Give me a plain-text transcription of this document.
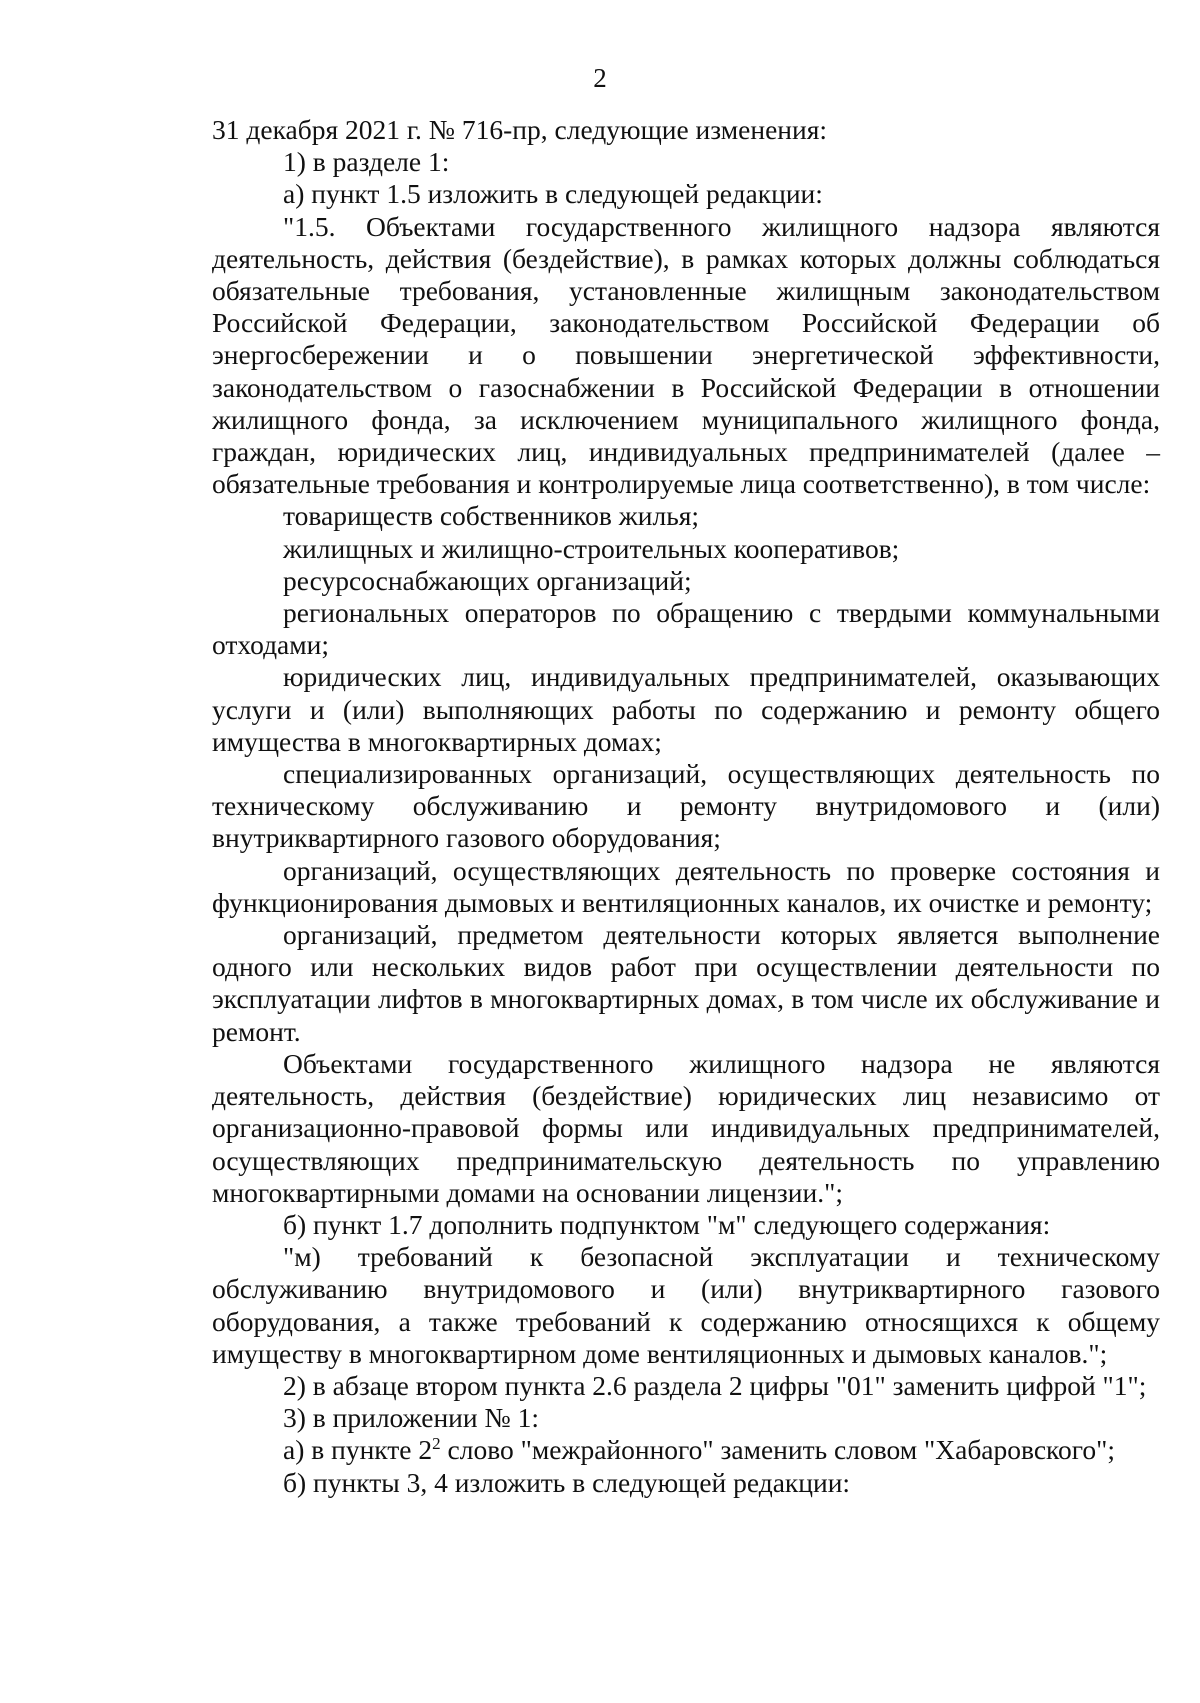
2

31 декабря 2021 г. № 716-пр, следующие изменения:

1) в разделе 1:

а) пункт 1.5 изложить в следующей редакции:

"1.5. Объектами государственного жилищного надзора являются деятельность, действия (бездействие), в рамках которых должны соблюдаться обязательные требования, установленные жилищным законодательством Российской Федерации, законодательством Российской Федерации об энергосбережении и о повышении энергетической эффективности, законодательством о газоснабжении в Российской Федерации в отношении жилищного фонда, за исключением муниципального жилищного фонда, граждан, юридических лиц, индивидуальных предпринимателей (далее – обязательные требования и контролируемые лица соответственно), в том числе:

товариществ собственников жилья;

жилищных и жилищно-строительных кооперативов;

ресурсоснабжающих организаций;

региональных операторов по обращению с твердыми коммунальными отходами;

юридических лиц, индивидуальных предпринимателей, оказывающих услуги и (или) выполняющих работы по содержанию и ремонту общего имущества в многоквартирных домах;

специализированных организаций, осуществляющих деятельность по техническому обслуживанию и ремонту внутридомового и (или) внутриквартирного газового оборудования;

организаций, осуществляющих деятельность по проверке состояния и функционирования дымовых и вентиляционных каналов, их очистке и ремонту;

организаций, предметом деятельности которых является выполнение одного или нескольких видов работ при осуществлении деятельности по эксплуатации лифтов в многоквартирных домах, в том числе их обслуживание и ремонт.

Объектами государственного жилищного надзора не являются деятельность, действия (бездействие) юридических лиц независимо от организационно-правовой формы или индивидуальных предпринимателей, осуществляющих предпринимательскую деятельность по управлению многоквартирными домами на основании лицензии.";

б) пункт 1.7 дополнить подпунктом "м" следующего содержания:

"м) требований к безопасной эксплуатации и техническому обслуживанию внутридомового и (или) внутриквартирного газового оборудования, а также требований к содержанию относящихся к общему имуществу в многоквартирном доме вентиляционных и дымовых каналов.";

2) в абзаце втором пункта 2.6 раздела 2 цифры "01" заменить цифрой "1";

3) в приложении № 1:

а) в пункте $2^2$ слово "межрайонного" заменить словом "Хабаровского";

б) пункты 3, 4 изложить в следующей редакции:
